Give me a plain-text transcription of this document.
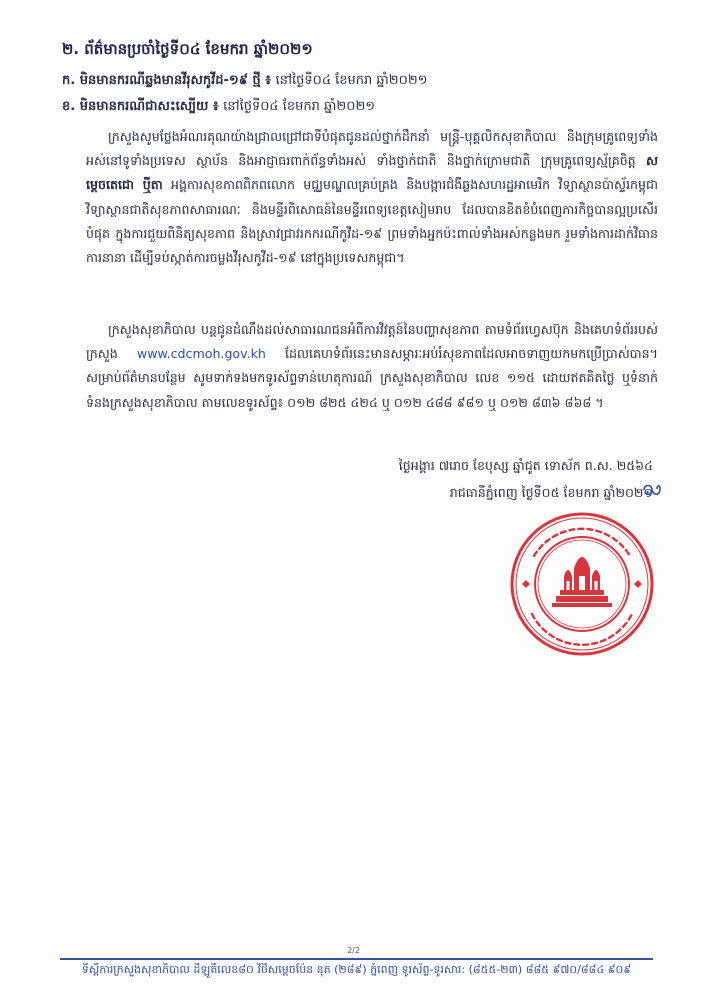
២. ព័ត៌មានប្រចាំថ្ងៃទី០៤ ខែមករា ឆ្នាំ២០២១
ក. មិនមានករណីឆ្លងមានវីរុសកូវីដ-១៩ ថ្មី ៖ នៅថ្ងៃទី០៤ ខែមករា ឆ្នាំ២០២១
ខ. មិនមានករណីជាសះស្បើយ ៖ នៅថ្ងៃទី០៤ ខែមករា ឆ្នាំ២០២១
ក្រសួងសូមថ្លែងអំណរគុណយ៉ាងជ្រាលជ្រៅជាទីបំផុតជូនដល់ថ្នាក់ដឹកនាំ មន្ត្រី-បុគ្គលិកសុខាភិបាល និងក្រុមគ្រូពេទ្យទាំងអស់នៅទូទាំងប្រទេស ស្ថាប័ន និងអាជ្ញាធរពាក់ព័ន្ធទាំងអស់ ទាំងថ្នាក់ជាតិ និងថ្នាក់ក្រោមជាតិ ក្រុមគ្រូពេទ្យស្ម័គ្រចិត្ត សម្តេចតេជោ ឬីតា អង្គការសុខភាពពិភពលោក មជ្ឈមណ្ឌលគ្រប់គ្រង និងបង្ការជំងឺឆ្លងសហរដ្ឋអាមេរិក វិទ្យាស្ថានប៉ាស្ទ័រកម្ពុជា វិទ្យាស្ថានជាតិសុខភាពសាធារណៈ និងមន្ទីរពិសោធន៍នៃមន្ទីរពេទ្យខេត្តសៀមរាប ដែលបានខិតខំបំពេញភារកិច្ចបានល្អប្រសើរបំផុត ក្នុងការជួយពិនិត្យសុខភាព និងស្រាវជ្រាវរកករណីកូវីដ-១៩ ព្រមទាំងអ្នកប៉ះពាល់ទាំងអស់កន្លងមក រួមទាំងការដាក់វិធានការនានា ដើម្បីទប់ស្កាត់ការចម្លងវីរុសកូវីដ-១៩ នៅក្នុងប្រទេសកម្ពុជា។
ក្រសួងសុខាភិបាល បន្តជូនដំណឹងដល់សាធារណជនអំពីការវិវត្តន៍នៃបញ្ហាសុខភាព តាមទំព័រហ្វេសប៊ុក និងគេហទំព័ររបស់ក្រសួង www.cdcmoh.gov.kh ដែលគេហទំព័រនេះមានសម្ភារៈអប់រំសុខភាពដែលអាចទាញយកមកប្រើប្រាស់បាន។ សម្រាប់ព័ត៌មានបន្ថែម សូមទាក់ទងមកទូរស័ព្ទទាន់ហេតុការណ៍ ក្រសួងសុខាភិបាល លេខ ១១៥ ដោយឥតគិតថ្លៃ ឬទំនាក់ទំនងក្រសួងសុខាភិបាល តាមលេខទូរស័ព្ទ៖ ០១២ ៨២៥ ៤២៤ ឬ ០១២ ៤៨៨ ៩៨១ ឬ ០១២ ៨៣៦ ៨៦៨ ។
ថ្ងៃអង្គារ ៧រោច ខែបុស្ស ឆ្នាំជូត ទោស័ក ព.ស. ២៥៦៤
រាជធានីភ្នំពេញ ថ្ងៃទី០៥ ខែមករា ឆ្នាំ២០២១
2/2
ទីស្តីការក្រសួងសុខាភិបាល ដីឡូតិ៍លេខ៨០ វិថីសម្តេចប៉ែន នុត (២៨៩) ភ្នំពេញ ទូរស័ព្ទ-ទូរសារ: (៨៥៥-២៣) ៨៨៥ ៩៧០/៨៨៤ ៩០៩
